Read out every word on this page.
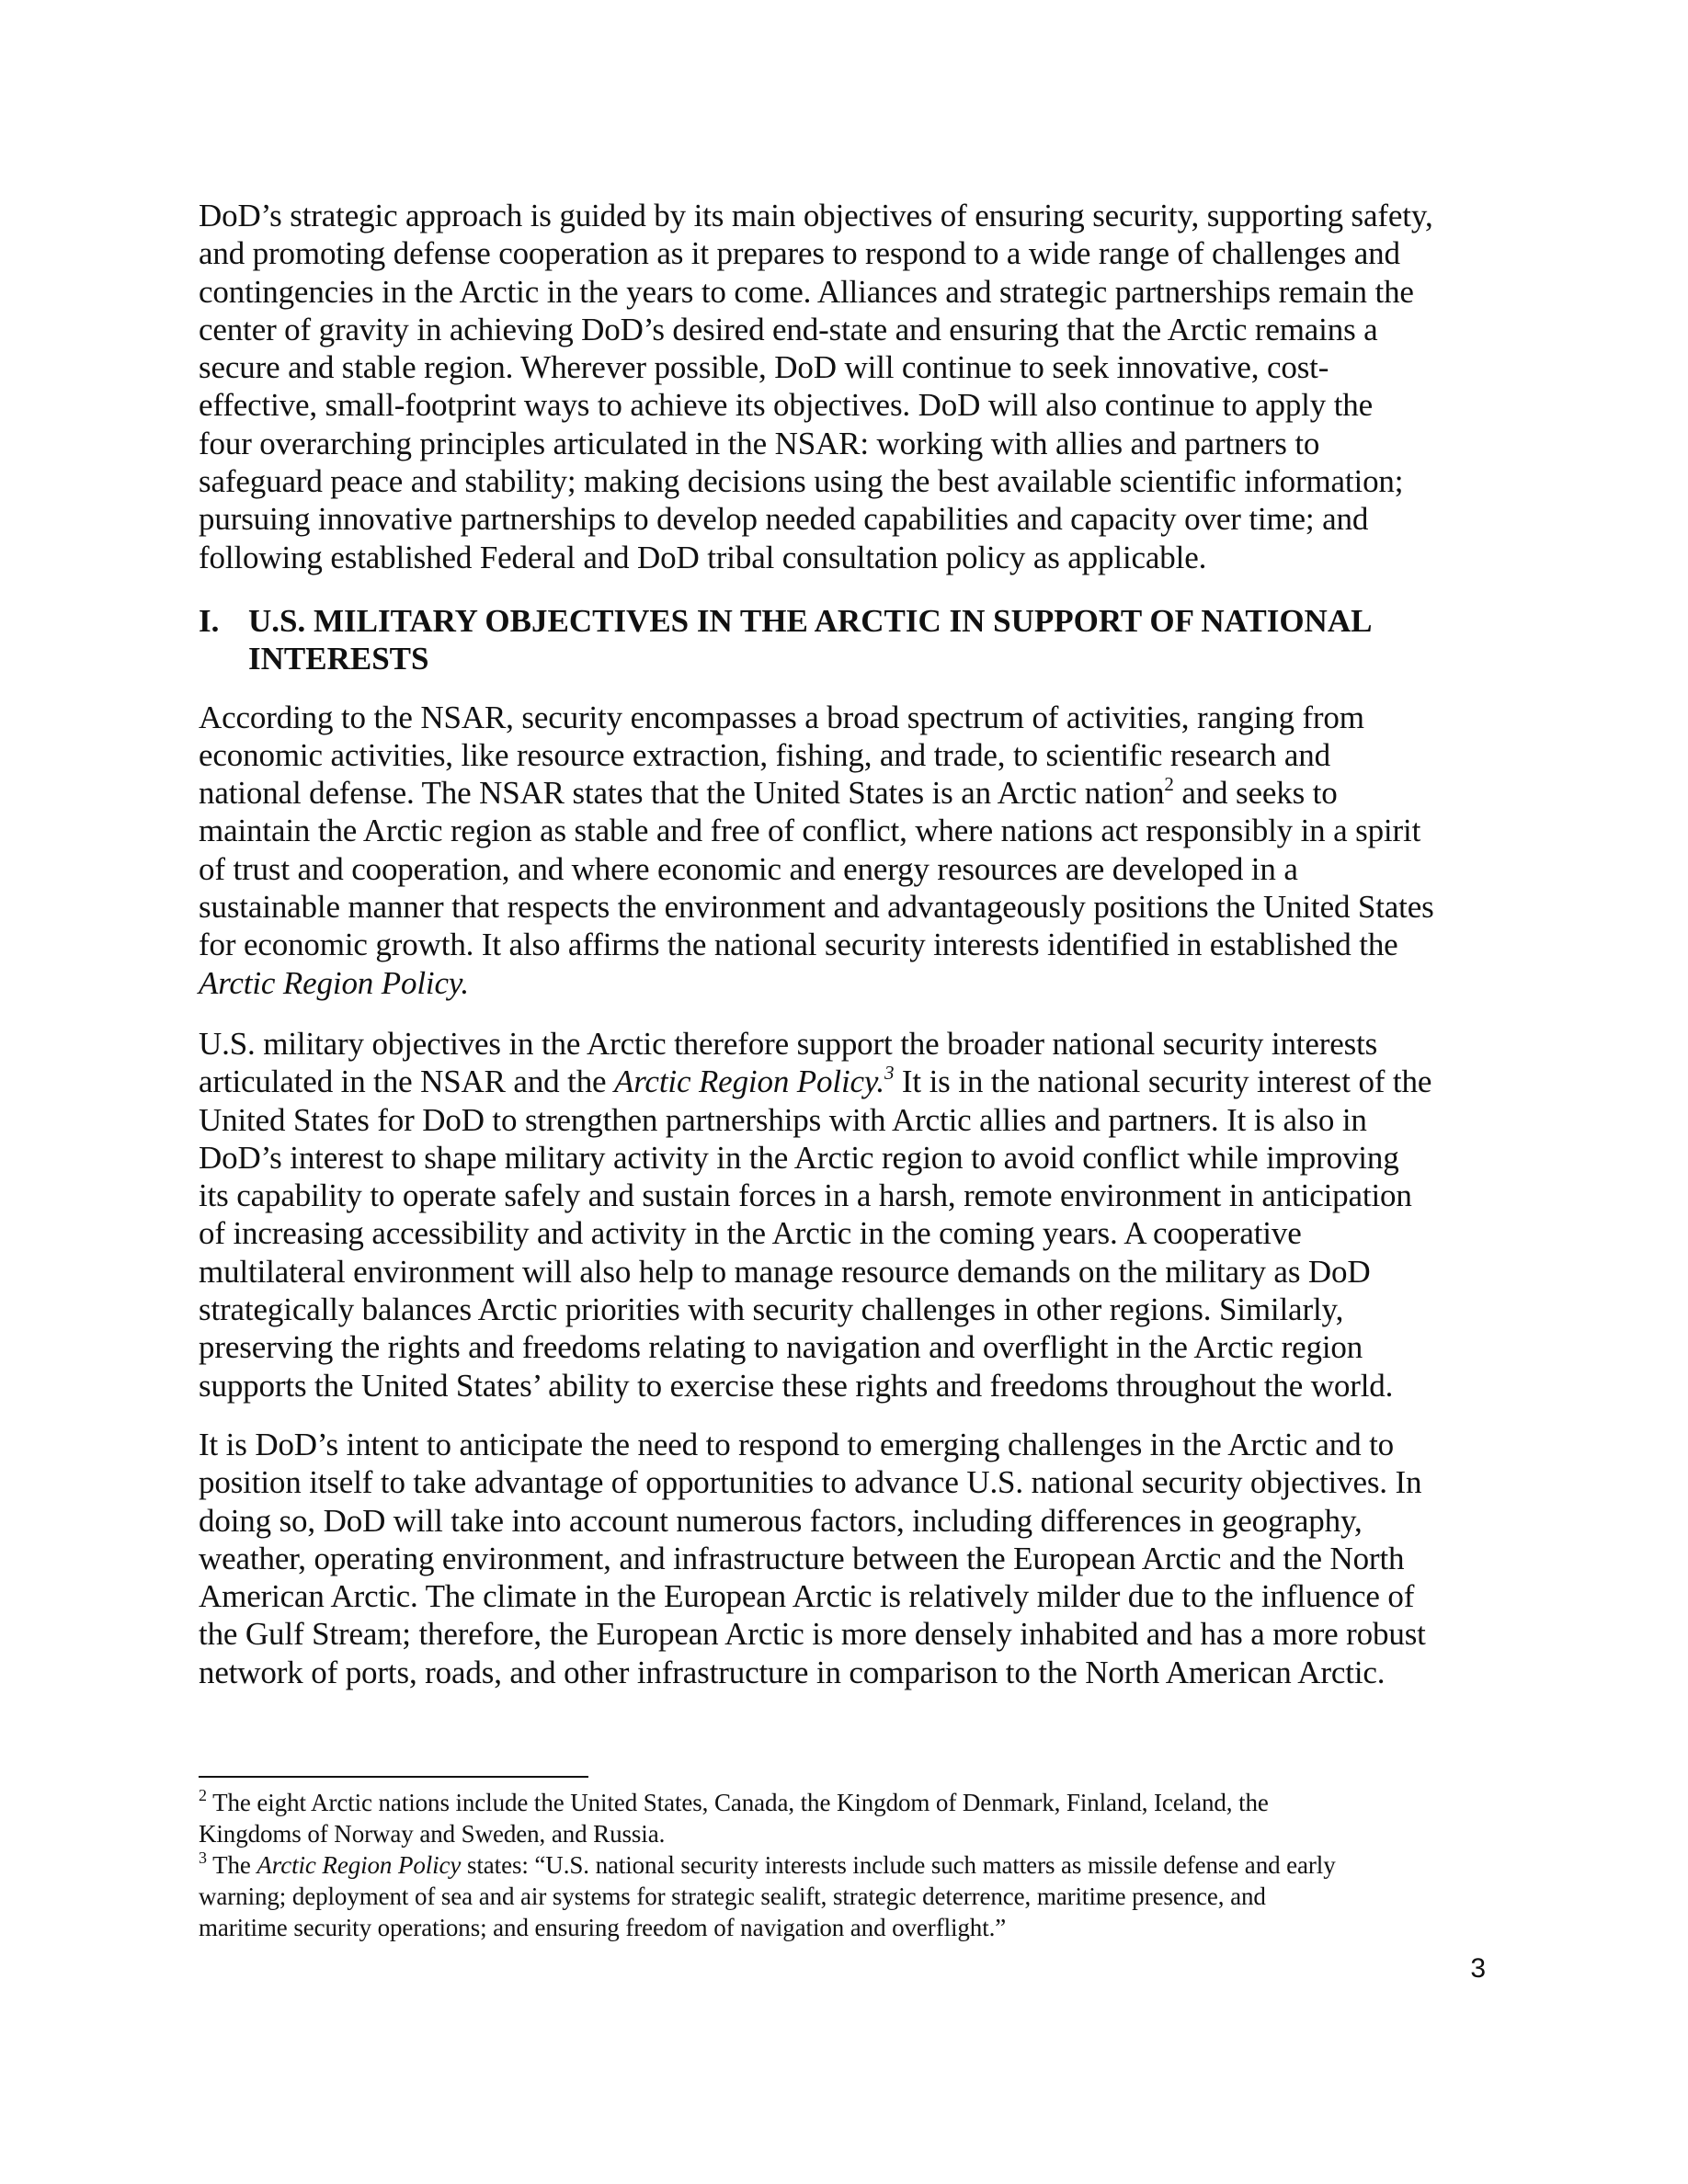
DoD’s strategic approach is guided by its main objectives of ensuring security, supporting safety,
and promoting defense cooperation as it prepares to respond to a wide range of challenges and
contingencies in the Arctic in the years to come. Alliances and strategic partnerships remain the
center of gravity in achieving DoD’s desired end-state and ensuring that the Arctic remains a
secure and stable region. Wherever possible, DoD will continue to seek innovative, cost-
effective, small-footprint ways to achieve its objectives. DoD will also continue to apply the
four overarching principles articulated in the NSAR: working with allies and partners to
safeguard peace and stability; making decisions using the best available scientific information;
pursuing innovative partnerships to develop needed capabilities and capacity over time; and
following established Federal and DoD tribal consultation policy as applicable.

I. U.S. MILITARY OBJECTIVES IN THE ARCTIC IN SUPPORT OF NATIONAL
INTERESTS

According to the NSAR, security encompasses a broad spectrum of activities, ranging from
economic activities, like resource extraction, fishing, and trade, to scientific research and
national defense. The NSAR states that the United States is an Arctic nation$^2$ and seeks to
maintain the Arctic region as stable and free of conflict, where nations act responsibly in a spirit
of trust and cooperation, and where economic and energy resources are developed in a
sustainable manner that respects the environment and advantageously positions the United States
for economic growth. It also affirms the national security interests identified in established the
Arctic Region Policy.

U.S. military objectives in the Arctic therefore support the broader national security interests
articulated in the NSAR and the Arctic Region Policy.$^3$ It is in the national security interest of the
United States for DoD to strengthen partnerships with Arctic allies and partners. It is also in
DoD’s interest to shape military activity in the Arctic region to avoid conflict while improving
its capability to operate safely and sustain forces in a harsh, remote environment in anticipation
of increasing accessibility and activity in the Arctic in the coming years. A cooperative
multilateral environment will also help to manage resource demands on the military as DoD
strategically balances Arctic priorities with security challenges in other regions. Similarly,
preserving the rights and freedoms relating to navigation and overflight in the Arctic region
supports the United States’ ability to exercise these rights and freedoms throughout the world.

It is DoD’s intent to anticipate the need to respond to emerging challenges in the Arctic and to
position itself to take advantage of opportunities to advance U.S. national security objectives. In
doing so, DoD will take into account numerous factors, including differences in geography,
weather, operating environment, and infrastructure between the European Arctic and the North
American Arctic. The climate in the European Arctic is relatively milder due to the influence of
the Gulf Stream; therefore, the European Arctic is more densely inhabited and has a more robust
network of ports, roads, and other infrastructure in comparison to the North American Arctic.

$^2$ The eight Arctic nations include the United States, Canada, the Kingdom of Denmark, Finland, Iceland, the
Kingdoms of Norway and Sweden, and Russia.
$^3$ The Arctic Region Policy states: “U.S. national security interests include such matters as missile defense and early
warning; deployment of sea and air systems for strategic sealift, strategic deterrence, maritime presence, and
maritime security operations; and ensuring freedom of navigation and overflight.”
3
